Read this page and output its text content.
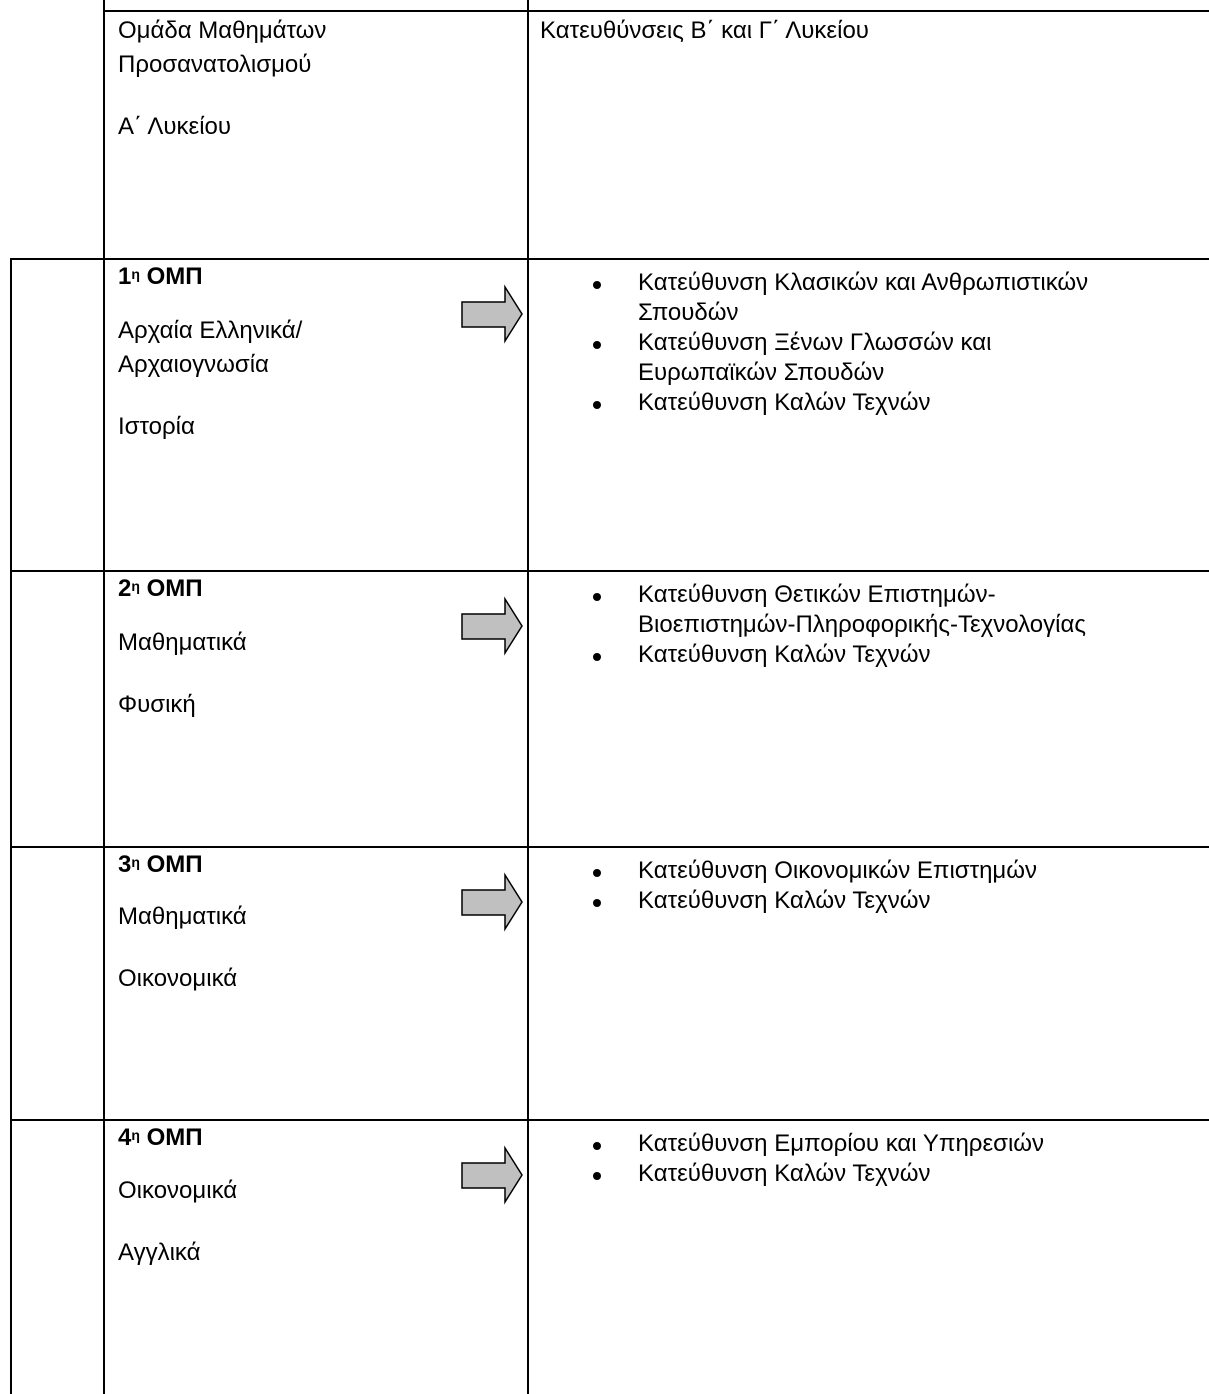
Ομάδα Μαθημάτων
Προσανατολισμού
Α΄ Λυκείου
Κατευθύνσεις Β΄ και Γ΄ Λυκείου
$1^\eta$ ΟΜΠ
Αρχαία Ελληνικά/
Αρχαιογνωσία
Ιστορία
Κατεύθυνση Κλασικών και Ανθρωπιστικών
Σπουδών
Κατεύθυνση Ξένων Γλωσσών και
Ευρωπαϊκών Σπουδών
Κατεύθυνση Καλών Τεχνών
$2^\eta$ ΟΜΠ
Μαθηματικά
Φυσική
Κατεύθυνση Θετικών Επιστημών-
Βιοεπιστημών-Πληροφορικής-Τεχνολογίας
Κατεύθυνση Καλών Τεχνών
$3^\eta$ ΟΜΠ
Μαθηματικά
Οικονομικά
Κατεύθυνση Οικονομικών Επιστημών
Κατεύθυνση Καλών Τεχνών
$4^\eta$ ΟΜΠ
Οικονομικά
Αγγλικά
Κατεύθυνση Εμπορίου και Υπηρεσιών
Κατεύθυνση Καλών Τεχνών
